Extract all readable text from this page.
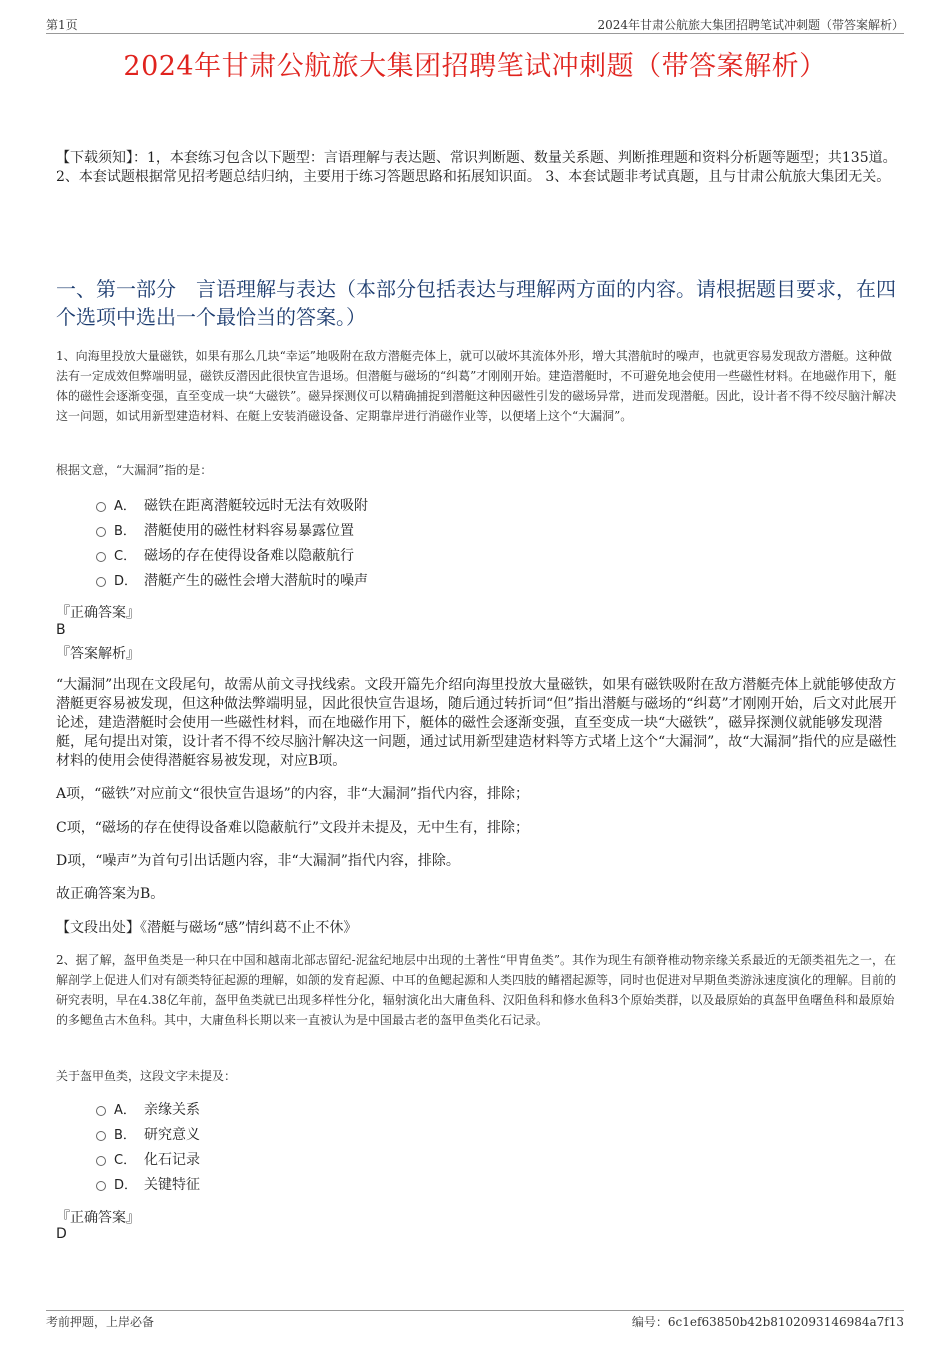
第1页	2024年甘肃公航旅大集团招聘笔试冲刺题（带答案解析）
2024年甘肃公航旅大集团招聘笔试冲刺题（带答案解析）
【下载须知】：1，本套练习包含以下题型：言语理解与表达题、常识判断题、数量关系题、判断推理题和资料分析题等题型；共135道。 2、本套试题根据常见招考题总结归纳，主要用于练习答题思路和拓展知识面。 3、本套试题非考试真题，且与甘肃公航旅大集团无关。
一、第一部分　言语理解与表达（本部分包括表达与理解两方面的内容。请根据题目要求，在四个选项中选出一个最恰当的答案。）
1、向海里投放大量磁铁，如果有那么几块“幸运”地吸附在敌方潜艇壳体上，就可以破坏其流体外形，增大其潜航时的噪声，也就更容易发现敌方潜艇。这种做法有一定成效但弊端明显，磁铁反潜因此很快宣告退场。但潜艇与磁场的“纠葛”才刚刚开始。建造潜艇时，不可避免地会使用一些磁性材料。在地磁作用下，艇体的磁性会逐渐变强，直至变成一块“大磁铁”。磁异探测仪可以精确捕捉到潜艇这种因磁性引发的磁场异常，进而发现潜艇。因此，设计者不得不绞尽脑汁解决这一问题，如试用新型建造材料、在艇上安装消磁设备、定期靠岸进行消磁作业等，以便堵上这个“大漏洞”。
根据文意，“大漏洞”指的是：
A． 磁铁在距离潜艇较远时无法有效吸附
B． 潜艇使用的磁性材料容易暴露位置
C． 磁场的存在使得设备难以隐蔽航行
D． 潜艇产生的磁性会增大潜航时的噪声
『正确答案』
B
『答案解析』
“大漏洞”出现在文段尾句，故需从前文寻找线索。文段开篇先介绍向海里投放大量磁铁，如果有磁铁吸附在敌方潜艇壳体上就能够使敌方潜艇更容易被发现，但这种做法弊端明显，因此很快宣告退场，随后通过转折词“但”指出潜艇与磁场的“纠葛”才刚刚开始，后文对此展开论述，建造潜艇时会使用一些磁性材料，而在地磁作用下，艇体的磁性会逐渐变强，直至变成一块“大磁铁”，磁异探测仪就能够发现潜艇，尾句提出对策，设计者不得不绞尽脑汁解决这一问题，通过试用新型建造材料等方式堵上这个“大漏洞”，故“大漏洞”指代的应是磁性材料的使用会使得潜艇容易被发现，对应B项。
A项，“磁铁”对应前文“很快宣告退场”的内容，非“大漏洞”指代内容，排除；
C项，“磁场的存在使得设备难以隐蔽航行”文段并未提及，无中生有，排除；
D项，“噪声”为首句引出话题内容，非“大漏洞”指代内容，排除。
故正确答案为B。
【文段出处】《潜艇与磁场“感”情纠葛不止不休》
2、据了解，盔甲鱼类是一种只在中国和越南北部志留纪-泥盆纪地层中出现的土著性“甲胄鱼类”。其作为现生有颌脊椎动物亲缘关系最近的无颌类祖先之一，在解剖学上促进人们对有颌类特征起源的理解，如颌的发育起源、中耳的鱼鳃起源和人类四肢的鳍褶起源等，同时也促进对早期鱼类游泳速度演化的理解。目前的研究表明，早在4.38亿年前，盔甲鱼类就已出现多样性分化，辐射演化出大庸鱼科、汉阳鱼科和修水鱼科3个原始类群，以及最原始的真盔甲鱼曙鱼科和最原始的多鳃鱼古木鱼科。其中，大庸鱼科长期以来一直被认为是中国最古老的盔甲鱼类化石记录。
关于盔甲鱼类，这段文字未提及：
A． 亲缘关系
B． 研究意义
C． 化石记录
D． 关键特征
『正确答案』
D
考前押题，上岸必备	编号：6c1ef63850b42b8102093146984a7f13
